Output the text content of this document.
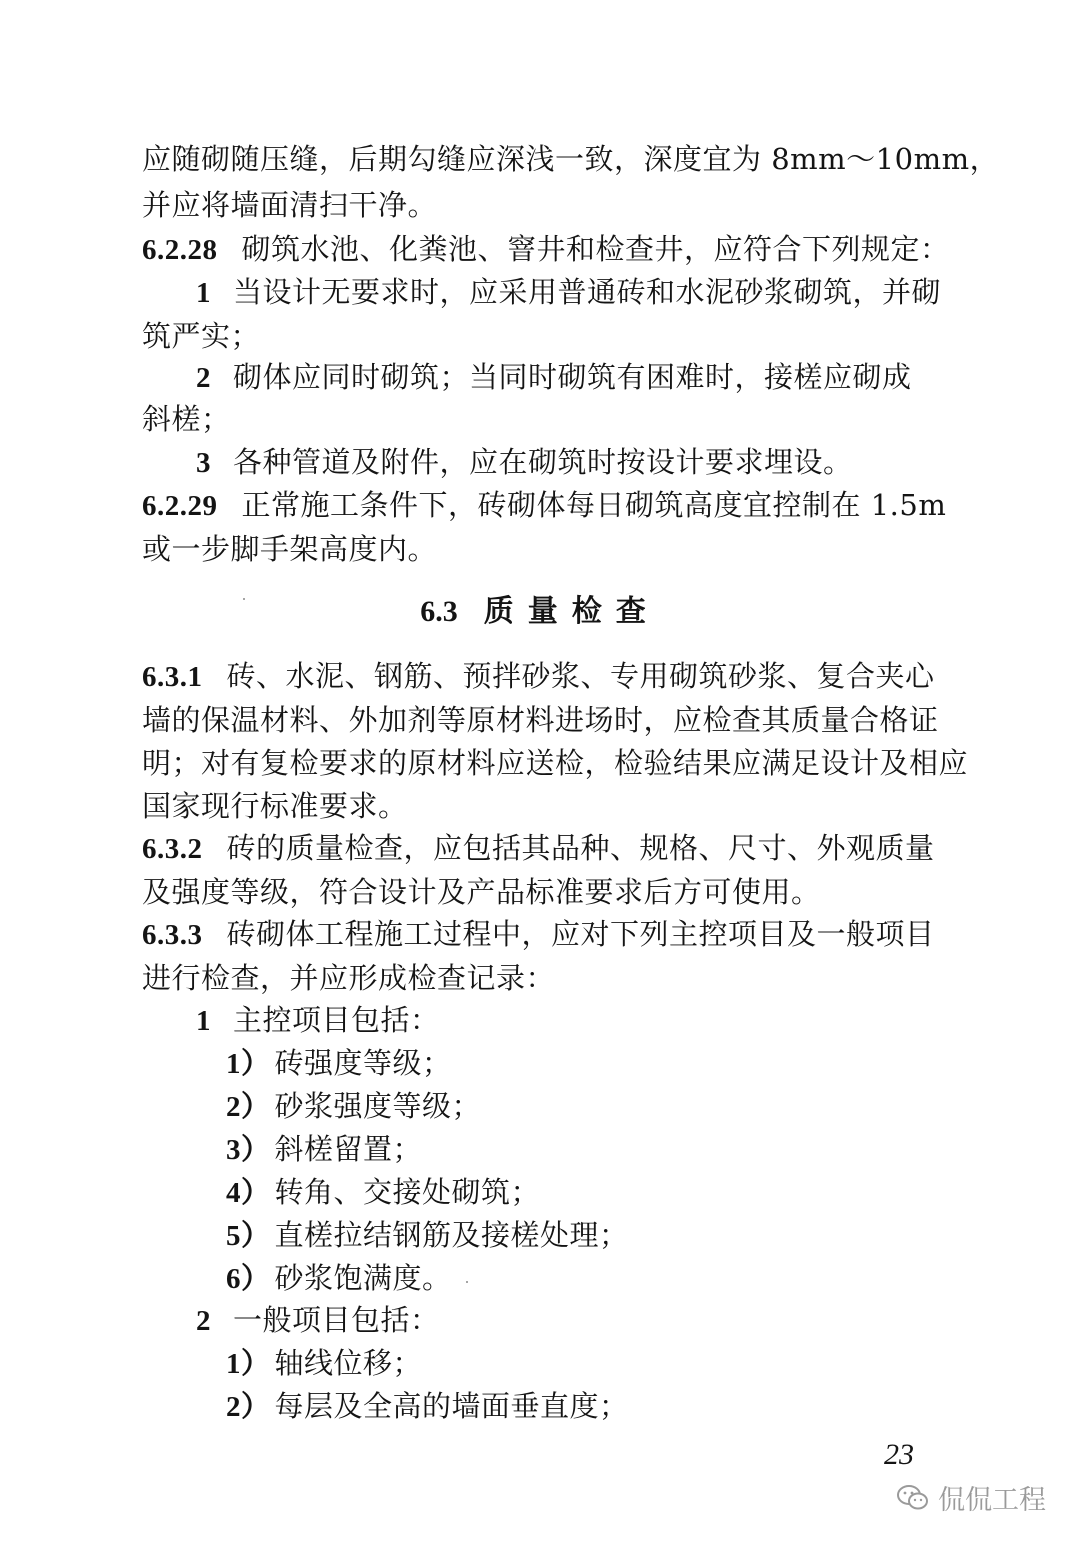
应随砌随压缝，后期勾缝应深浅一致，深度宜为 8mm～10mm，
并应将墙面清扫干净。
6.2.28 砌筑水池、化粪池、窨井和检查井，应符合下列规定：
1 当设计无要求时，应采用普通砖和水泥砂浆砌筑，并砌
筑严实；
2 砌体应同时砌筑；当同时砌筑有困难时，接槎应砌成
斜槎；
3 各种管道及附件，应在砌筑时按设计要求埋设。
6.2.29 正常施工条件下，砖砌体每日砌筑高度宜控制在 1.5m
或一步脚手架高度内。
6.3 质量检查
6.3.1 砖、水泥、钢筋、预拌砂浆、专用砌筑砂浆、复合夹心
墙的保温材料、外加剂等原材料进场时，应检查其质量合格证
明；对有复检要求的原材料应送检，检验结果应满足设计及相应
国家现行标准要求。
6.3.2 砖的质量检查，应包括其品种、规格、尺寸、外观质量
及强度等级，符合设计及产品标准要求后方可使用。
6.3.3 砖砌体工程施工过程中，应对下列主控项目及一般项目
进行检查，并应形成检查记录：
1 主控项目包括：
1） 砖强度等级；
2） 砂浆强度等级；
3） 斜槎留置；
4） 转角、交接处砌筑；
5） 直槎拉结钢筋及接槎处理；
6） 砂浆饱满度。
2 一般项目包括：
1） 轴线位移；
2） 每层及全高的墙面垂直度；
23
侃侃工程
